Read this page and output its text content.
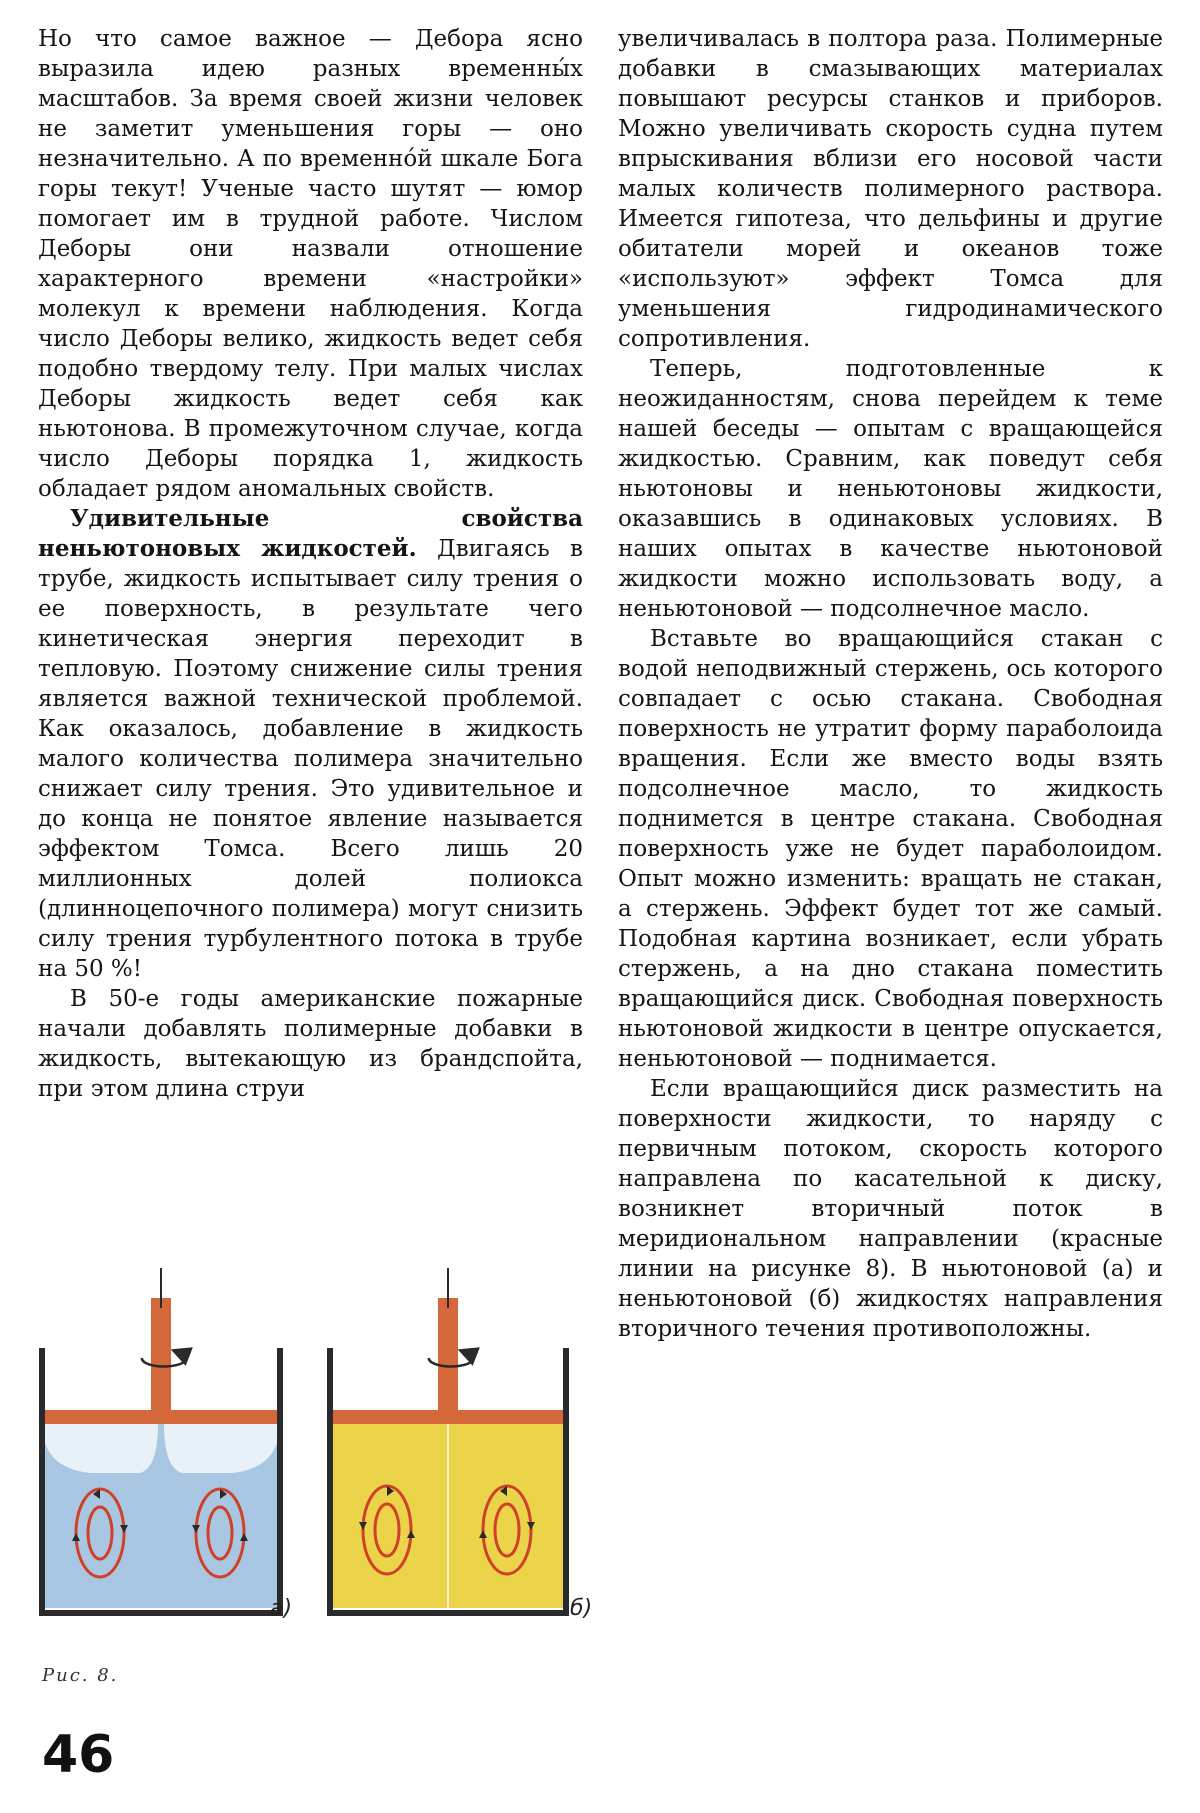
Но что самое важное — Дебора ясно выразила идею разных временны́х масштабов. За время своей жизни человек не заметит уменьшения горы — оно незначительно. А по временно́й шкале Бога горы текут! Ученые часто шутят — юмор помогает им в трудной работе. Числом Деборы они назвали отношение характерного времени «настройки» молекул к времени наблюдения. Когда число Деборы велико, жидкость ведет себя подобно твердому телу. При малых числах Деборы жидкость ведет себя как ньютонова. В промежуточном случае, когда число Деборы порядка 1, жидкость обладает рядом аномальных свойств.

Удивительные свойства неньютоновых жидкостей. Двигаясь в трубе, жидкость испытывает силу трения о ее поверхность, в результате чего кинетическая энергия переходит в тепловую. Поэтому снижение силы трения является важной технической проблемой. Как оказалось, добавление в жидкость малого количества полимера значительно снижает силу трения. Это удивительное и до конца не понятое явление называется эффектом Томса. Всего лишь 20 миллионных долей полиокса (длинноцепочного полимера) могут снизить силу трения турбулентного потока в трубе на 50 %!

В 50-е годы американские пожарные начали добавлять полимерные добавки в жидкость, вытекающую из брандспойта, при этом длина струи

увеличивалась в полтора раза. Полимерные добавки в смазывающих материалах повышают ресурсы станков и приборов. Можно увеличивать скорость судна путем впрыскивания вблизи его носовой части малых количеств полимерного раствора. Имеется гипотеза, что дельфины и другие обитатели морей и океанов тоже «используют» эффект Томса для уменьшения гидродинамического сопротивления.

Теперь, подготовленные к неожиданностям, снова перейдем к теме нашей беседы — опытам с вращающейся жидкостью. Сравним, как поведут себя ньютоновы и неньютоновы жидкости, оказавшись в одинаковых условиях. В наших опытах в качестве ньютоновой жидкости можно использовать воду, а неньютоновой — подсолнечное масло.

Вставьте во вращающийся стакан с водой неподвижный стержень, ось которого совпадает с осью стакана. Свободная поверхность не утратит форму параболоида вращения. Если же вместо воды взять подсолнечное масло, то жидкость поднимется в центре стакана. Свободная поверхность уже не будет параболоидом. Опыт можно изменить: вращать не стакан, а стержень. Эффект будет тот же самый. Подобная картина возникает, если убрать стержень, а на дно стакана поместить вращающийся диск. Свободная поверхность ньютоновой жидкости в центре опускается, неньютоновой — поднимается.

Если вращающийся диск разместить на поверхности жидкости, то наряду с первичным потоком, скорость которого направлена по касательной к диску, возникнет вторичный поток в меридиональном направлении (красные линии на рисунке 8). В ньютоновой (а) и неньютоновой (б) жидкостях направления вторичного течения противоположны.

а)	б)
Рис. 8.
46
